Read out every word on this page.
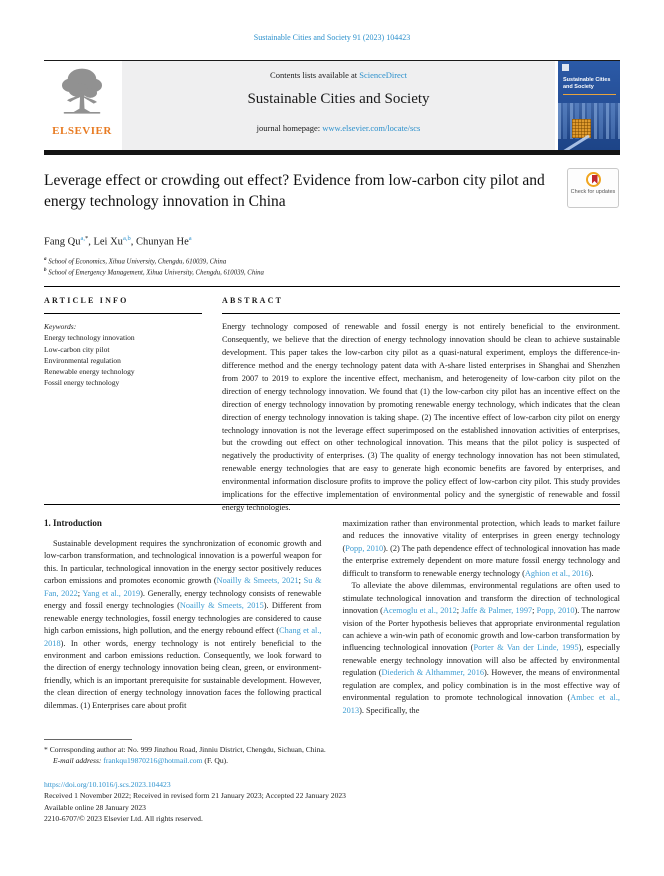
Sustainable Cities and Society 91 (2023) 104423
ELSEVIER
Contents lists available at ScienceDirect
Sustainable Cities and Society
journal homepage: www.elsevier.com/locate/scs
Sustainable Cities and Society
Leverage effect or crowding out effect? Evidence from low-carbon city pilot and energy technology innovation in China
Check for updates
Fang $Qu^{a,*}$, Lei Xu$^{a,b}$, Chunyan He$^a$
$^a$ School of Economics, Xihua University, Chengdu, 610039, China
$^b$ School of Emergency Management, Xihua University, Chengdu, 610039, China
ARTICLE INFO
Keywords:
Energy technology innovation
Low-carbon city pilot
Environmental regulation
Renewable energy technology
Fossil energy technology
ABSTRACT
Energy technology composed of renewable and fossil energy is not entirely beneficial to the environment. Consequently, we believe that the direction of energy technology innovation should be clean to achieve sustainable development. This paper takes the low-carbon city pilot as a quasi-natural experiment, employs the difference-in-difference method and the energy technology patent data with A-share listed enterprises in Shanghai and Shenzhen from 2007 to 2019 to explore the incentive effect, mechanism, and heterogeneity of low-carbon city pilot on the direction of energy technology innovation. We found that (1) the low-carbon city pilot has an incentive effect on the direction of energy technology innovation by promoting renewable energy technology, which indicates that the clean direction of energy technology innovation is taking shape. (2) The incentive effect of low-carbon city pilot on energy technology innovation is not the leverage effect superimposed on the established innovation activities of enterprises, but the crowding out effect on other technological innovation. This means that the pilot policy is suspected of negatively the productivity of enterprises. (3) The quality of energy technology innovation has not been stimulated, renewable energy technologies that are easy to generate high economic benefits are favored by enterprises, and environmental information disclosure profits to improve the policy effect of low-carbon city pilot. This study provides implications for the effective implementation of environmental policy and the synergistic of renewable and fossil energy technologies.
1. Introduction

Sustainable development requires the synchronization of economic growth and low-carbon transformation, and technological innovation is a powerful weapon for this. In particular, technological innovation in the energy sector positively reduces carbon emissions and promotes economic growth (Noailly & Smeets, 2021; Su & Fan, 2022; Yang et al., 2019). Generally, energy technology consists of renewable energy and fossil energy technologies (Noailly & Smeets, 2015). Different from renewable energy technologies, fossil energy technologies are considered to cause high carbon emissions, high pollution, and the energy rebound effect (Chang et al., 2018). In other words, energy technology is not entirely beneficial to the environment and carbon emissions reduction. Consequently, we look forward to the direction of energy technology innovation being clean, green, or environment-friendly, which is an important prerequisite for sustainable development. However, the clean direction of energy technology innovation faces the following practical dilemmas. (1) Enterprises care about profit

maximization rather than environmental protection, which leads to market failure and reduces the innovative vitality of enterprises in green energy technology (Popp, 2010). (2) The path dependence effect of technological innovation has made the enterprise extremely dependent on more mature fossil energy technology and difficult to transform to renewable energy technology (Aghion et al., 2016).

To alleviate the above dilemmas, environmental regulations are often used to stimulate technological innovation and transform the direction of technological innovation (Acemoglu et al., 2012; Jaffe & Palmer, 1997; Popp, 2010). The narrow vision of the Porter hypothesis believes that appropriate environmental regulation can achieve a win-win path of economic growth and low-carbon transformation by influencing technological innovation (Porter & Van der Linde, 1995), especially renewable energy technology innovation will also be affected by environmental regulation (Diederich & Althammer, 2016). However, the means of environmental regulation are complex, and policy combination is in the most effective way of environmental regulation to promote technological innovation (Ambec et al., 2013). Specifically, the

* Corresponding author at: No. 999 Jinzhou Road, Jinniu District, Chengdu, Sichuan, China.
E-mail address: frankqu19870216@hotmail.com (F. Qu).
https://doi.org/10.1016/j.scs.2023.104423
Received 1 November 2022; Received in revised form 21 January 2023; Accepted 22 January 2023
Available online 28 January 2023
2210-6707/© 2023 Elsevier Ltd. All rights reserved.
